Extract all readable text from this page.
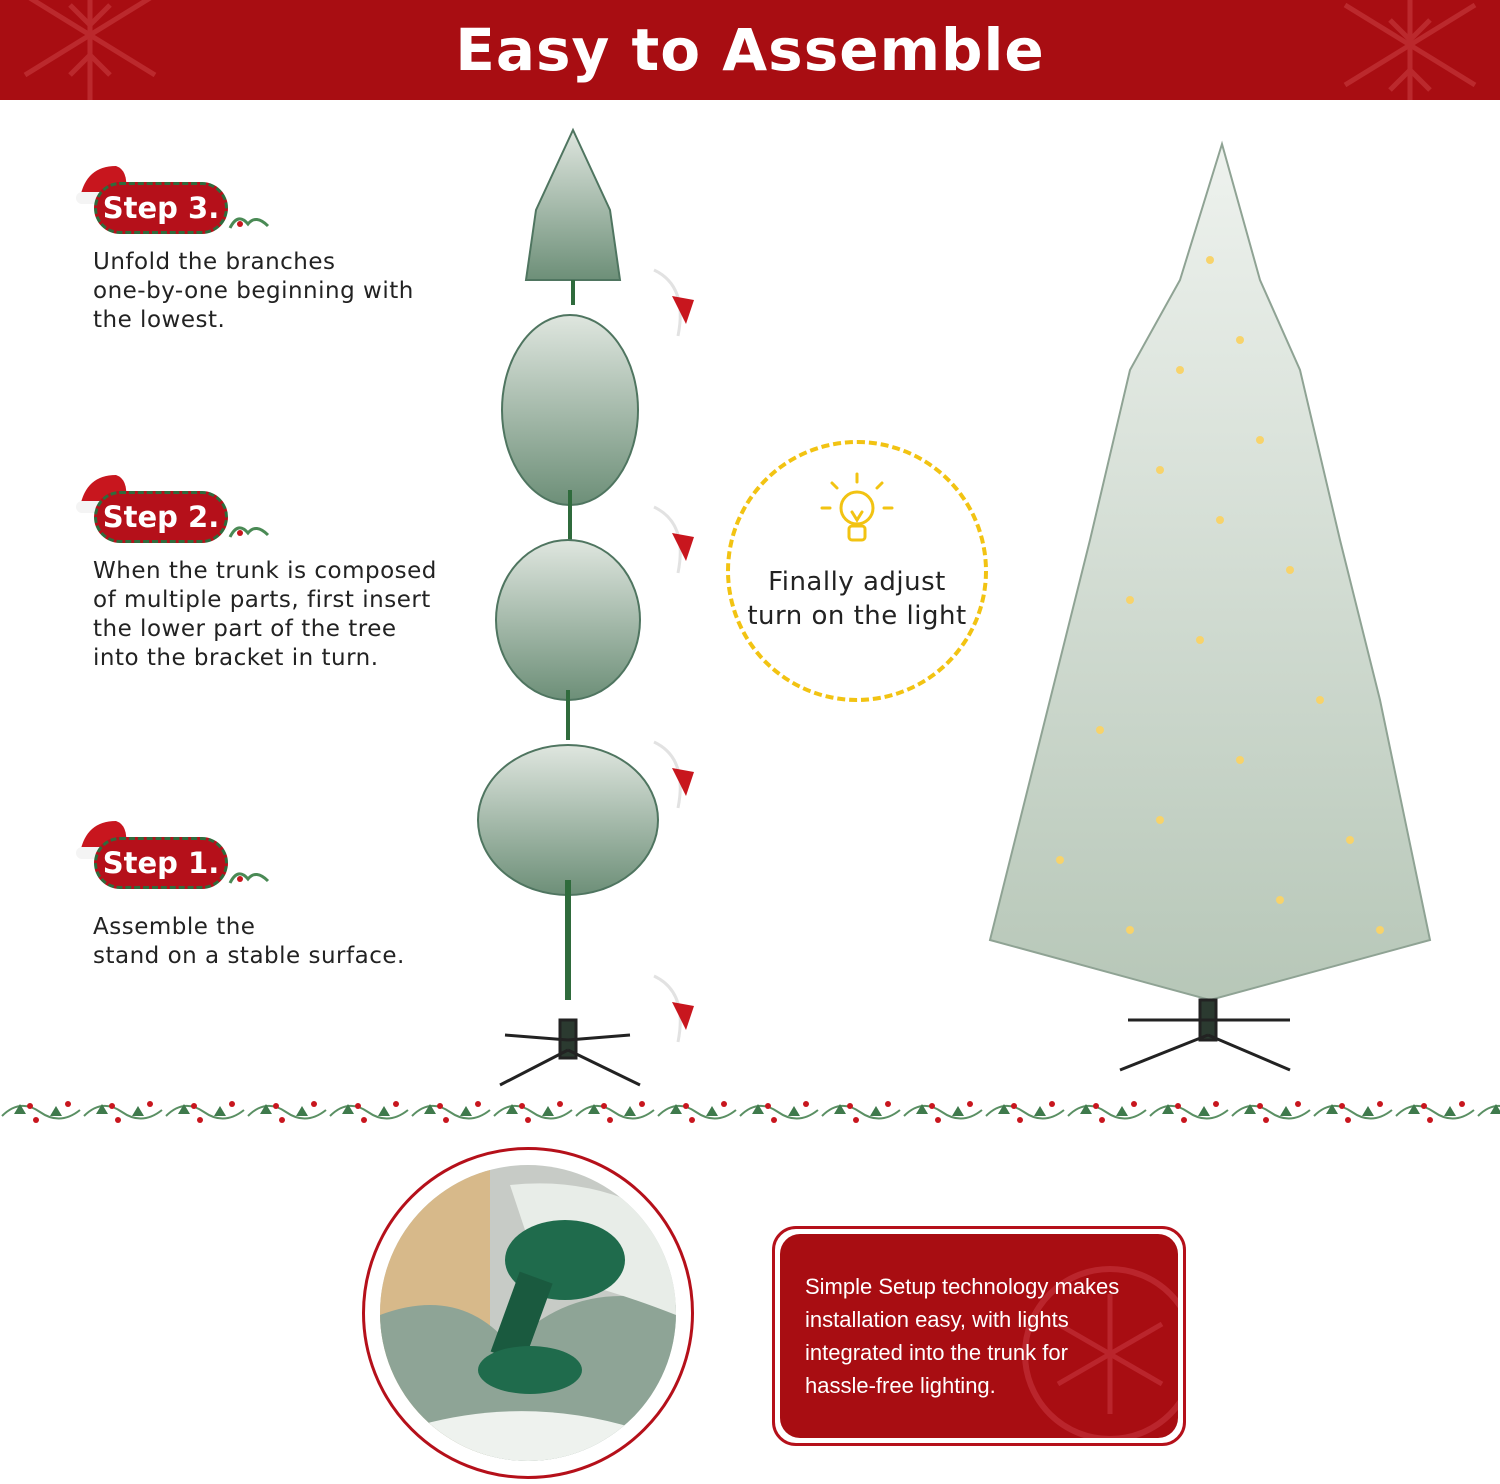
Easy to Assemble
Step 3.
Unfold the branches
one-by-one beginning with
the lowest.
Step 2.
When the trunk is composed
of multiple parts, first insert
the lower part of the tree
into the bracket in turn.
Step 1.
Assemble the
stand on a stable surface.
Finally adjust
turn on the light
Simple Setup technology makes
installation easy, with lights
integrated into the trunk for
hassle-free lighting.
